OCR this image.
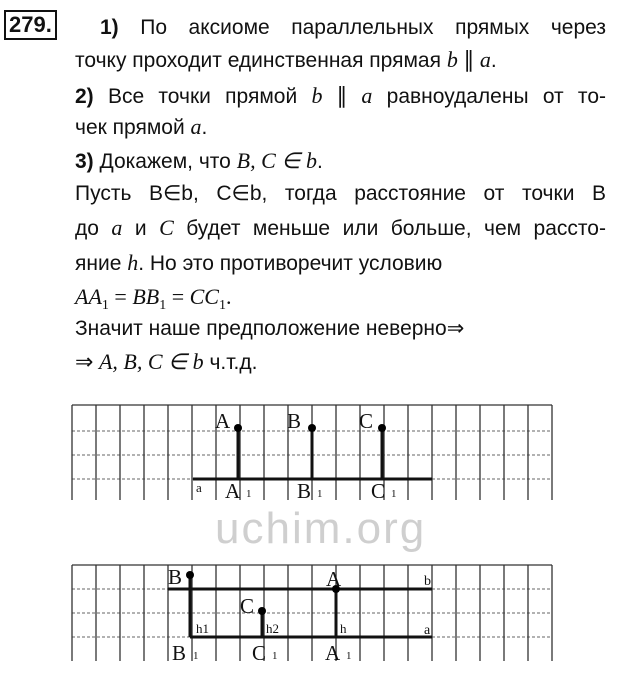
uchim.org
279. 1) По аксиоме параллельных прямых через
точку проходит единственная прямая b ∥ a.
2) Все точки прямой b ∥ a равноудалены от то-
чек прямой a.
3) Докажем, что B, C ∈ b.
Пусть B∈b, C∈b, тогда расстояние от точки B
до a и C будет меньше или больше, чем рассто-
яние h. Но это противоречит условию
$AA_1 = BB_1 = CC_1$.
Значит наше предположение неверно⇒
⇒ A, B, C ∈ b ч.т.д.
A	B	C
a A 1 B 1 C 1
B	A
C
b
a
h1	h2	h
B 1	C 1 A 1
